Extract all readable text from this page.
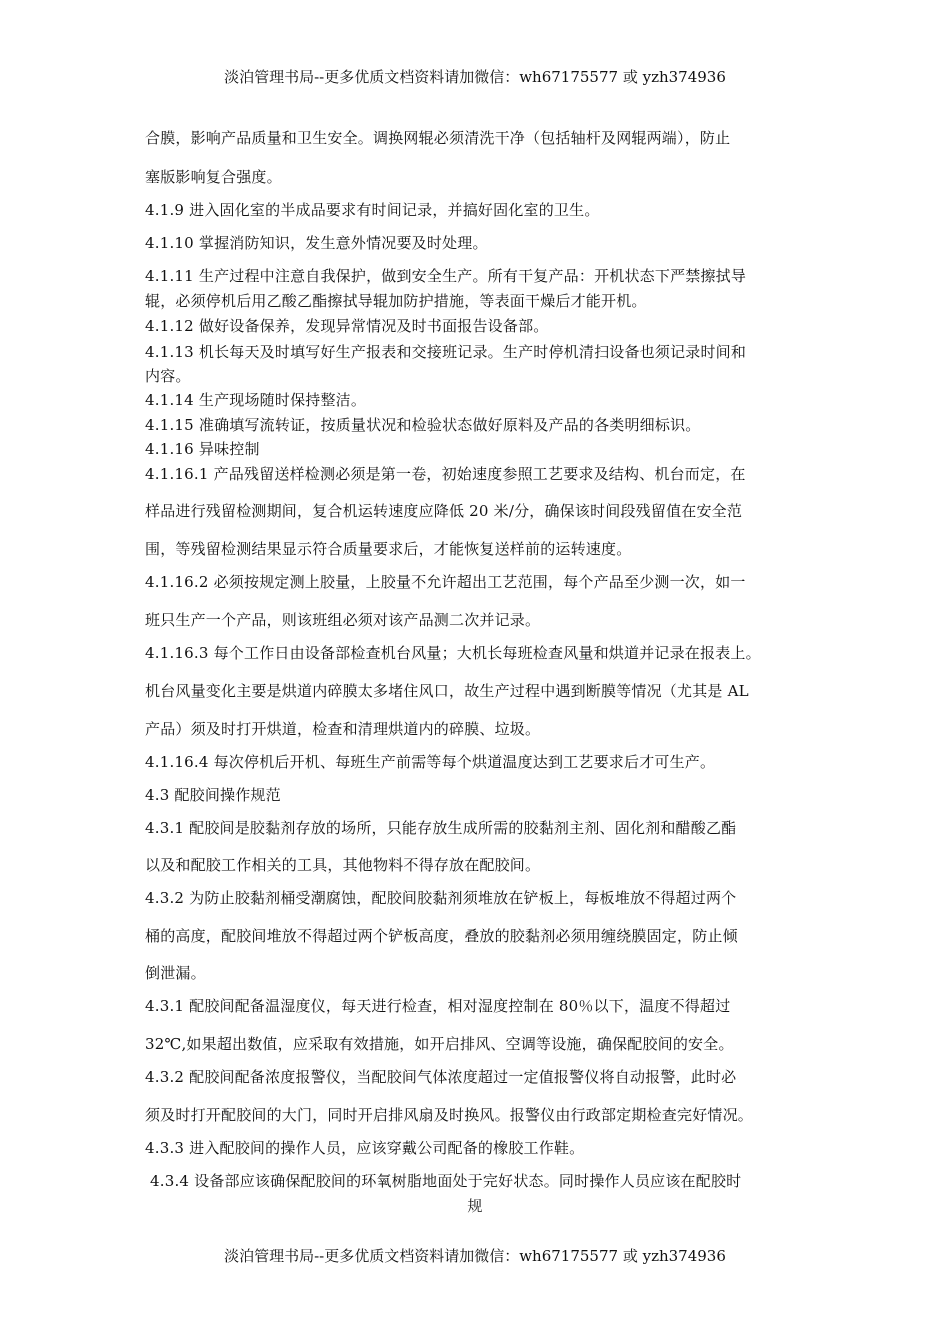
淡泊管理书局--更多优质文档资料请加微信：wh67175577 或 yzh374936
合膜，影响产品质量和卫生安全。调换网辊必须清洗干净（包括轴杆及网辊两端），防止
塞版影响复合强度。
4.1.9 进入固化室的半成品要求有时间记录，并搞好固化室的卫生。
4.1.10 掌握消防知识，发生意外情况要及时处理。
4.1.11 生产过程中注意自我保护，做到安全生产。所有干复产品：开机状态下严禁擦拭导
辊，必须停机后用乙酸乙酯擦拭导辊加防护措施，等表面干燥后才能开机。
4.1.12 做好设备保养，发现异常情况及时书面报告设备部。
4.1.13 机长每天及时填写好生产报表和交接班记录。生产时停机清扫设备也须记录时间和
内容。
4.1.14 生产现场随时保持整洁。
4.1.15 准确填写流转证，按质量状况和检验状态做好原料及产品的各类明细标识。
4.1.16 异味控制
4.1.16.1 产品残留送样检测必须是第一卷，初始速度参照工艺要求及结构、机台而定，在
样品进行残留检测期间，复合机运转速度应降低 20 米/分，确保该时间段残留值在安全范
围，等残留检测结果显示符合质量要求后，才能恢复送样前的运转速度。
4.1.16.2 必须按规定测上胶量，上胶量不允许超出工艺范围，每个产品至少测一次，如一
班只生产一个产品，则该班组必须对该产品测二次并记录。
4.1.16.3 每个工作日由设备部检查机台风量；大机长每班检查风量和烘道并记录在报表上。
机台风量变化主要是烘道内碎膜太多堵住风口，故生产过程中遇到断膜等情况（尤其是 AL
产品）须及时打开烘道，检查和清理烘道内的碎膜、垃圾。
4.1.16.4 每次停机后开机、每班生产前需等每个烘道温度达到工艺要求后才可生产。
4.3 配胶间操作规范
4.3.1 配胶间是胶黏剂存放的场所，只能存放生成所需的胶黏剂主剂、固化剂和醋酸乙酯
以及和配胶工作相关的工具，其他物料不得存放在配胶间。
4.3.2 为防止胶黏剂桶受潮腐蚀，配胶间胶黏剂须堆放在铲板上，每板堆放不得超过两个
桶的高度，配胶间堆放不得超过两个铲板高度，叠放的胶黏剂必须用缠绕膜固定，防止倾
倒泄漏。
4.3.1 配胶间配备温湿度仪，每天进行检查，相对湿度控制在 80％以下，温度不得超过
32℃,如果超出数值，应采取有效措施，如开启排风、空调等设施，确保配胶间的安全。
4.3.2 配胶间配备浓度报警仪，当配胶间气体浓度超过一定值报警仪将自动报警，此时必
须及时打开配胶间的大门，同时开启排风扇及时换风。报警仪由行政部定期检查完好情况。
4.3.3 进入配胶间的操作人员，应该穿戴公司配备的橡胶工作鞋。
4.3.4 设备部应该确保配胶间的环氧树脂地面处于完好状态。同时操作人员应该在配胶时
规
淡泊管理书局--更多优质文档资料请加微信：wh67175577 或 yzh374936
